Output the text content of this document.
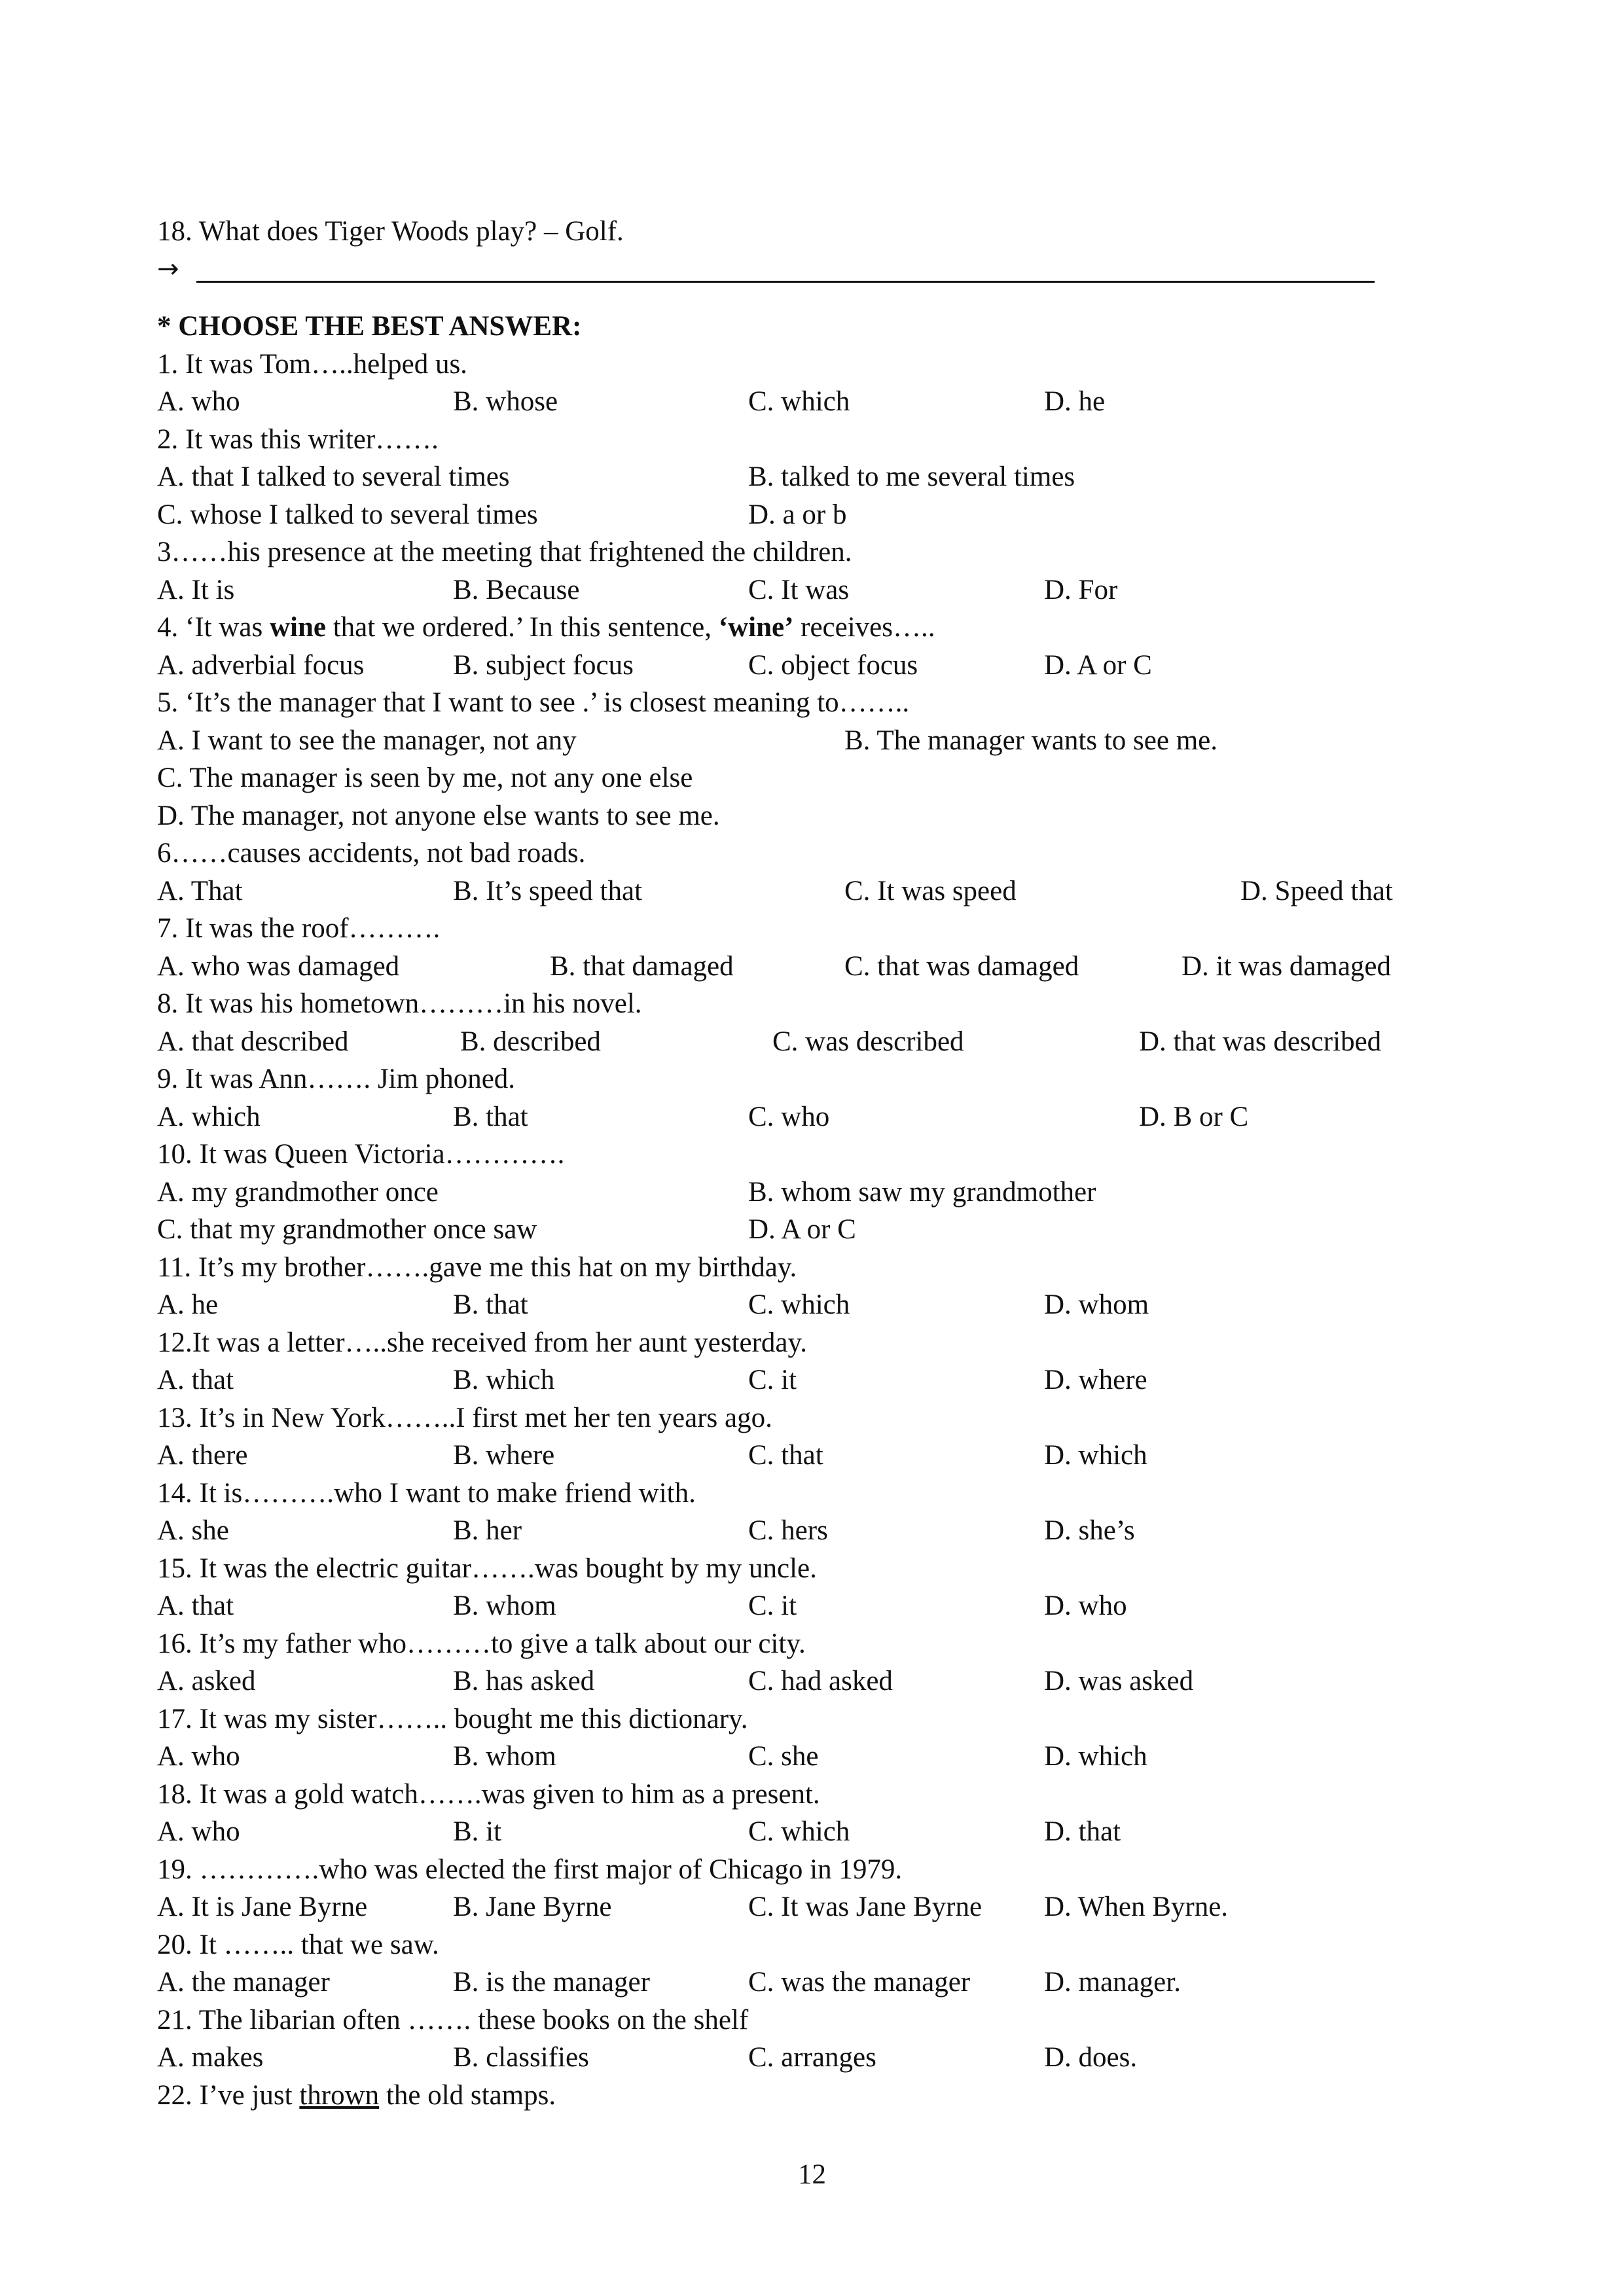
18. What does Tiger Woods play? – Golf.
→
* CHOOSE THE BEST ANSWER:
1. It was Tom…..helped us.
A. who	B. whose	C. which	D. he
2. It was this writer…….
A. that I talked to several times	B. talked to me several times
C. whose I talked to several times	D. a or b
3……his presence at the meeting that frightened the children.
A. It is	B. Because	C. It was	D. For
4. ‘It was wine that we ordered.’ In this sentence, ‘wine’ receives…..
A. adverbial focus	B. subject focus	C. object focus	D. A or C
5. ‘It’s the manager that I want to see .’ is closest meaning to……..
A. I want to see the manager, not any	B. The manager wants to see me.
C. The manager is seen by me, not any one else
D. The manager, not anyone else wants to see me.
6……causes accidents, not bad roads.
A. That	B. It’s speed that	C. It was speed	D. Speed that
7. It was the roof……….
A. who was damaged	B. that damaged	C. that was damaged	D. it was damaged
8. It was his hometown………in his novel.
A. that described	B. described	C. was described	D. that was described
9. It was Ann……. Jim phoned.
A. which	B. that	C. who	D. B or C
10. It was Queen Victoria………….
A. my grandmother once	B. whom saw my grandmother
C. that my grandmother once saw	D. A or C
11. It’s my brother…….gave me this hat on my birthday.
A. he	B. that	C. which	D. whom
12.It was a letter…..she received from her aunt yesterday.
A. that	B. which	C. it	D. where
13. It’s in New York……..I first met her ten years ago.
A. there	B. where	C. that	D. which
14. It is……….who I want to make friend with.
A. she	B. her	C. hers	D. she’s
15. It was the electric guitar…….was bought by my uncle.
A. that	B. whom	C. it	D. who
16. It’s my father who………to give a talk about our city.
A. asked	B. has asked	C. had asked	D. was asked
17. It was my sister…….. bought me this dictionary.
A. who	B. whom	C. she	D. which
18. It was a gold watch…….was given to him as a present.
A. who	B. it	C. which	D. that
19. ………….who was elected the first major of Chicago in 1979.
A. It is Jane Byrne	B. Jane Byrne	C. It was Jane Byrne D. When Byrne.
20. It …….. that we saw.
A. the manager	B. is the manager	C. was the manager	D. manager.
21. The libarian often ……. these books on the shelf
A. makes	B. classifies	C. arranges	D. does.
22. I’ve just thrown the old stamps.
12
